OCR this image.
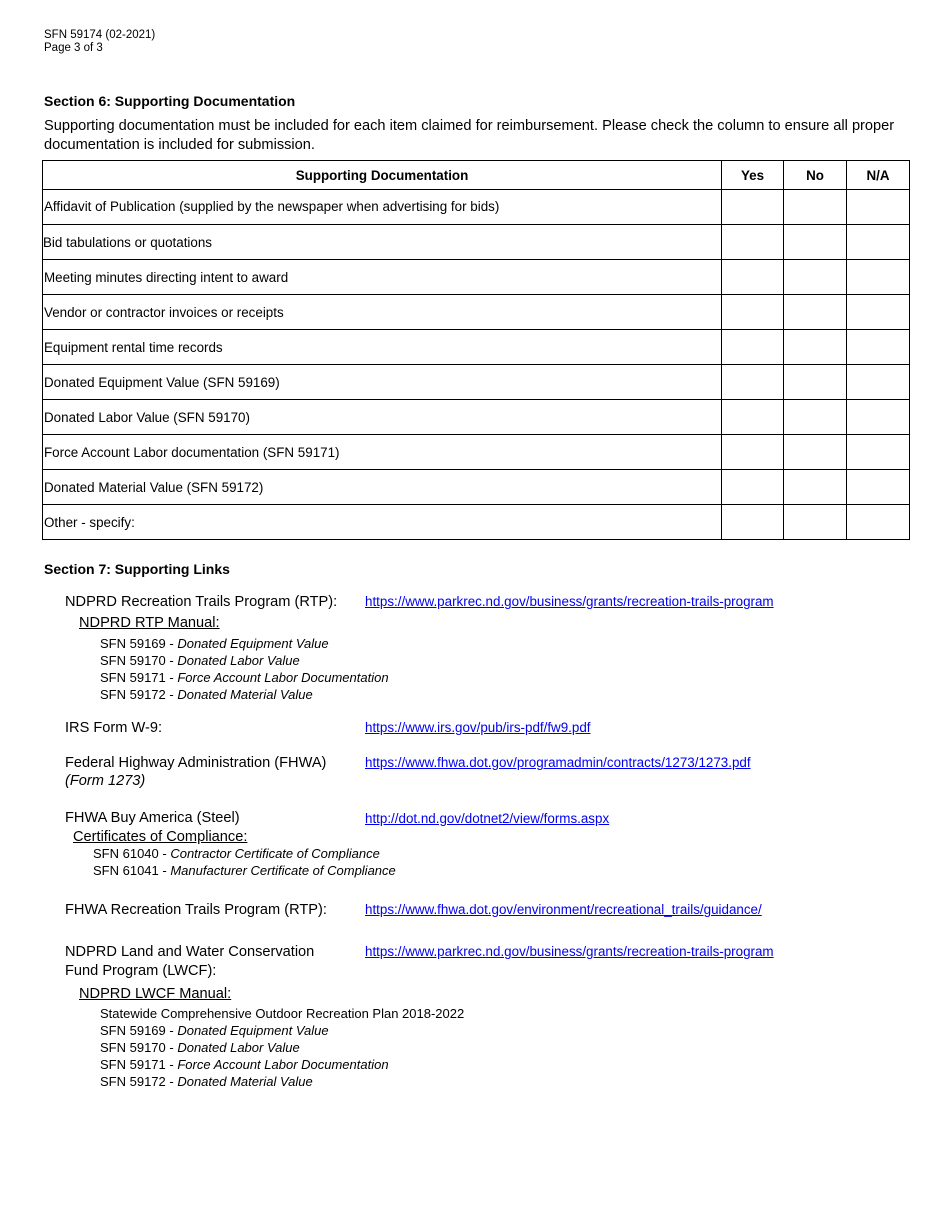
SFN 59174 (02-2021)
Page 3 of 3
Section 6: Supporting Documentation
Supporting documentation must be included for each item claimed for reimbursement. Please check the column to ensure all proper documentation is included for submission.
Supporting Documentation	Yes	No	N/A
Affidavit of Publication (supplied by the newspaper when advertising for bids)			
Bid tabulations or quotations			
Meeting minutes directing intent to award			
Vendor or contractor invoices or receipts			
Equipment rental time records			
Donated Equipment Value (SFN 59169)			
Donated Labor Value (SFN 59170)			
Force Account Labor documentation (SFN 59171)			
Donated Material Value (SFN 59172)			
Other - specify:			
Section 7: Supporting Links
NDPRD Recreation Trails Program (RTP): https://www.parkrec.nd.gov/business/grants/recreation-trails-program
NDPRD RTP Manual:
SFN 59169 - Donated Equipment Value
SFN 59170 - Donated Labor Value
SFN 59171 - Force Account Labor Documentation
SFN 59172 - Donated Material Value
IRS Form W-9:	https://www.irs.gov/pub/irs-pdf/fw9.pdf
Federal Highway Administration (FHWA)
(Form 1273)
https://www.fhwa.dot.gov/programadmin/contracts/1273/1273.pdf
FHWA Buy America (Steel)	http://dot.nd.gov/dotnet2/view/forms.aspx
Certificates of Compliance:
SFN 61040 - Contractor Certificate of Compliance
SFN 61041 - Manufacturer Certificate of Compliance
FHWA Recreation Trails Program (RTP):	https://www.fhwa.dot.gov/environment/recreational_trails/guidance/
NDPRD Land and Water Conservation
Fund Program (LWCF):
https://www.parkrec.nd.gov/business/grants/recreation-trails-program
NDPRD LWCF Manual:
Statewide Comprehensive Outdoor Recreation Plan 2018-2022
SFN 59169 - Donated Equipment Value
SFN 59170 - Donated Labor Value
SFN 59171 - Force Account Labor Documentation
SFN 59172 - Donated Material Value
